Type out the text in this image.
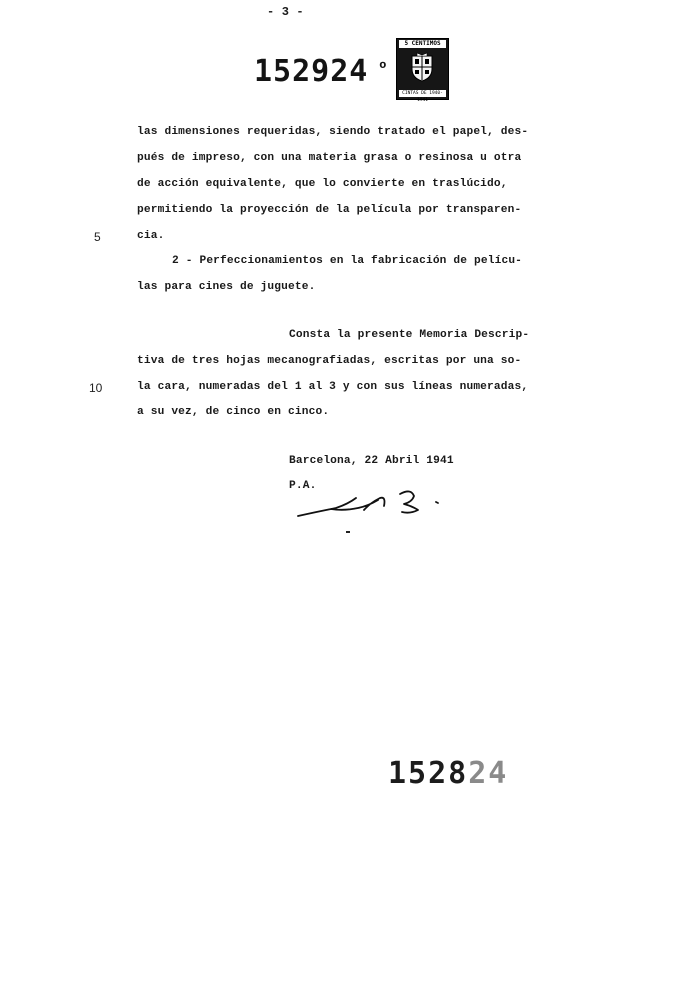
- 3 -
152924 º
5 CENTIMOS
CINTAS DE 1940-1941
las dimensiones requeridas, siendo tratado el papel, des-
pués de impreso, con una materia grasa o resinosa u otra
de acción equivalente, que lo convierte en traslúcido,
permitiendo la proyección de la película por transparen-
5	cia.
2 - Perfeccionamientos en la fabricación de pelícu-
las para cines de juguete.
Consta la presente Memoria Descrip-
tiva de tres hojas mecanografiadas, escritas por una so-
10	la cara, numeradas del 1 al 3 y con sus líneas numeradas,
a su vez, de cinco en cinco.
Barcelona, 22 Abril 1941
P.A.
152824
